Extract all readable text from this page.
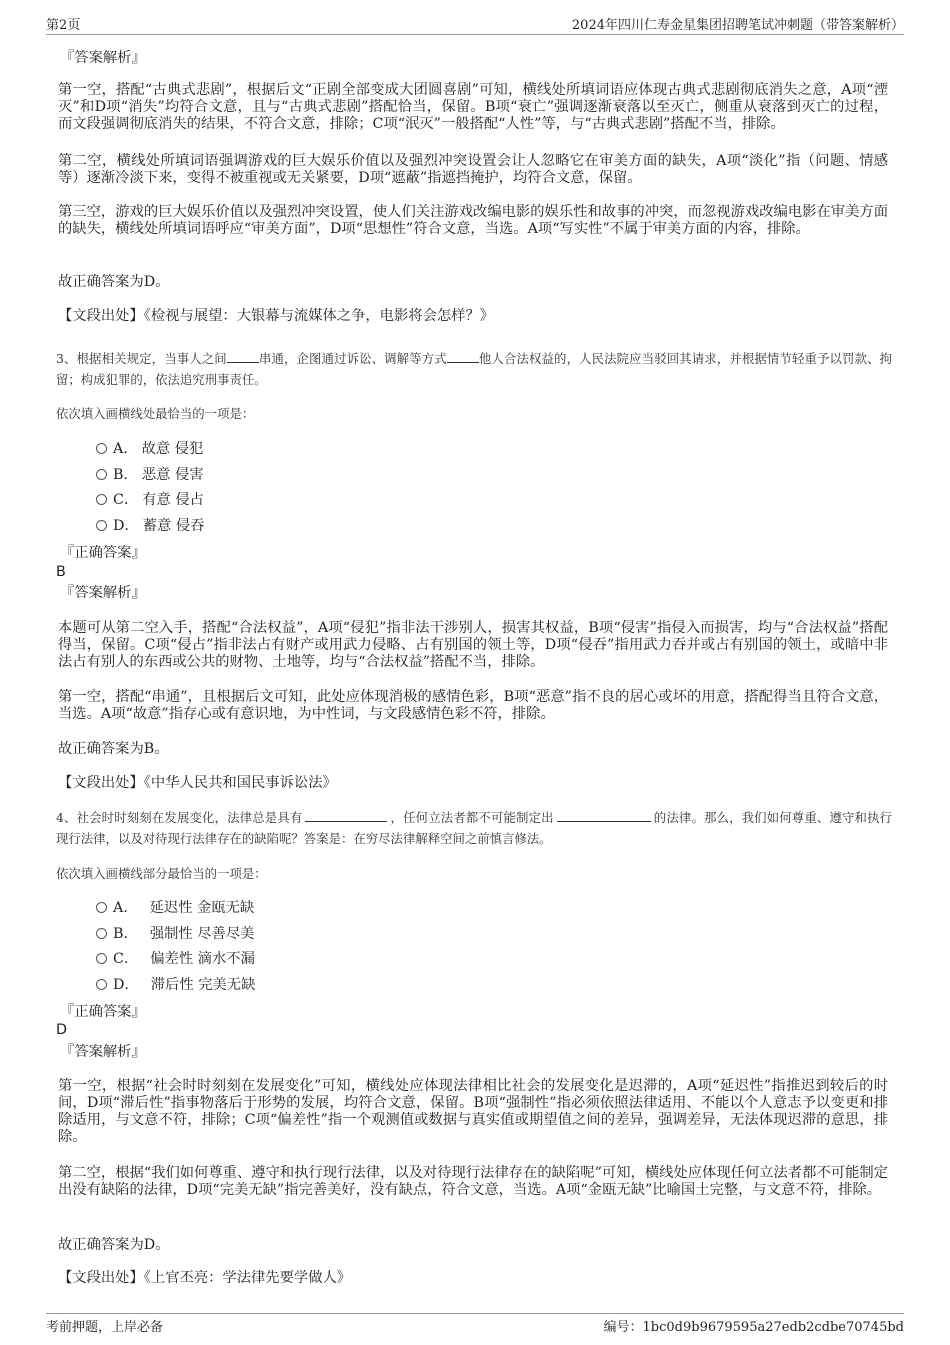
第2页	2024年四川仁寿金星集团招聘笔试冲刺题（带答案解析）
『答案解析』
第一空，搭配“古典式悲剧”，根据后文“正剧全部变成大团圆喜剧”可知，横线处所填词语应体现古典式悲剧彻底消失之意，A项“湮灭”和D项“消失”均符合文意，且与“古典式悲剧”搭配恰当，保留。B项“衰亡”强调逐渐衰落以至灭亡，侧重从衰落到灭亡的过程，而文段强调彻底消失的结果，不符合文意，排除；C项“泯灭”一般搭配“人性”等，与“古典式悲剧”搭配不当，排除。
第二空，横线处所填词语强调游戏的巨大娱乐价值以及强烈冲突设置会让人忽略它在审美方面的缺失，A项“淡化”指（问题、情感等）逐渐冷淡下来，变得不被重视或无关紧要，D项“遮蔽”指遮挡掩护，均符合文意，保留。
第三空，游戏的巨大娱乐价值以及强烈冲突设置，使人们关注游戏改编电影的娱乐性和故事的冲突，而忽视游戏改编电影在审美方面的缺失，横线处所填词语呼应“审美方面”，D项“思想性”符合文意，当选。A项“写实性”不属于审美方面的内容，排除。
故正确答案为D。
【文段出处】《检视与展望：大银幕与流媒体之争，电影将会怎样？》
3、根据相关规定，当事人之间	串通，企图通过诉讼、调解等方式	他人合法权益的，人民法院应当驳回其请求，并根据情节轻重予以罚款、拘留；构成犯罪的，依法追究刑事责任。
依次填入画横线处最恰当的一项是：
A． 故意 侵犯
B． 恶意 侵害
C． 有意 侵占
D． 蓄意 侵吞
『正确答案』
B
『答案解析』
本题可从第二空入手，搭配“合法权益”，A项“侵犯”指非法干涉别人，损害其权益，B项“侵害”指侵入而损害，均与“合法权益”搭配得当，保留。C项“侵占”指非法占有财产或用武力侵略、占有别国的领土等，D项“侵吞”指用武力吞并或占有别国的领土，或暗中非法占有别人的东西或公共的财物、土地等，均与“合法权益”搭配不当，排除。
第一空，搭配“串通”，且根据后文可知，此处应体现消极的感情色彩，B项“恶意”指不良的居心或坏的用意，搭配得当且符合文意，当选。A项“故意”指存心或有意识地，为中性词，与文段感情色彩不符，排除。
故正确答案为B。
【文段出处】《中华人民共和国民事诉讼法》
4、社会时时刻刻在发展变化，法律总是具有	，任何立法者都不可能制定出	的法律。那么，我们如何尊重、遵守和执行现行法律，以及对待现行法律存在的缺陷呢？答案是：在穷尽法律解释空间之前慎言修法。
依次填入画横线部分最恰当的一项是：
A． 延迟性 金瓯无缺
B． 强制性 尽善尽美
C． 偏差性 滴水不漏
D． 滞后性 完美无缺
『正确答案』
D
『答案解析』
第一空，根据“社会时时刻刻在发展变化”可知，横线处应体现法律相比社会的发展变化是迟滞的，A项“延迟性”指推迟到较后的时间，D项“滞后性”指事物落后于形势的发展，均符合文意，保留。B项“强制性”指必须依照法律适用、不能以个人意志予以变更和排除适用，与文意不符，排除；C项“偏差性”指一个观测值或数据与真实值或期望值之间的差异，强调差异，无法体现迟滞的意思，排除。
第二空，根据“我们如何尊重、遵守和执行现行法律，以及对待现行法律存在的缺陷呢”可知，横线处应体现任何立法者都不可能制定出没有缺陷的法律，D项“完美无缺”指完善美好，没有缺点，符合文意，当选。A项“金瓯无缺”比喻国土完整，与文意不符，排除。
故正确答案为D。
【文段出处】《上官丕亮：学法律先要学做人》
考前押题，上岸必备	编号：1bc0d9b9679595a27edb2cdbe70745bd
